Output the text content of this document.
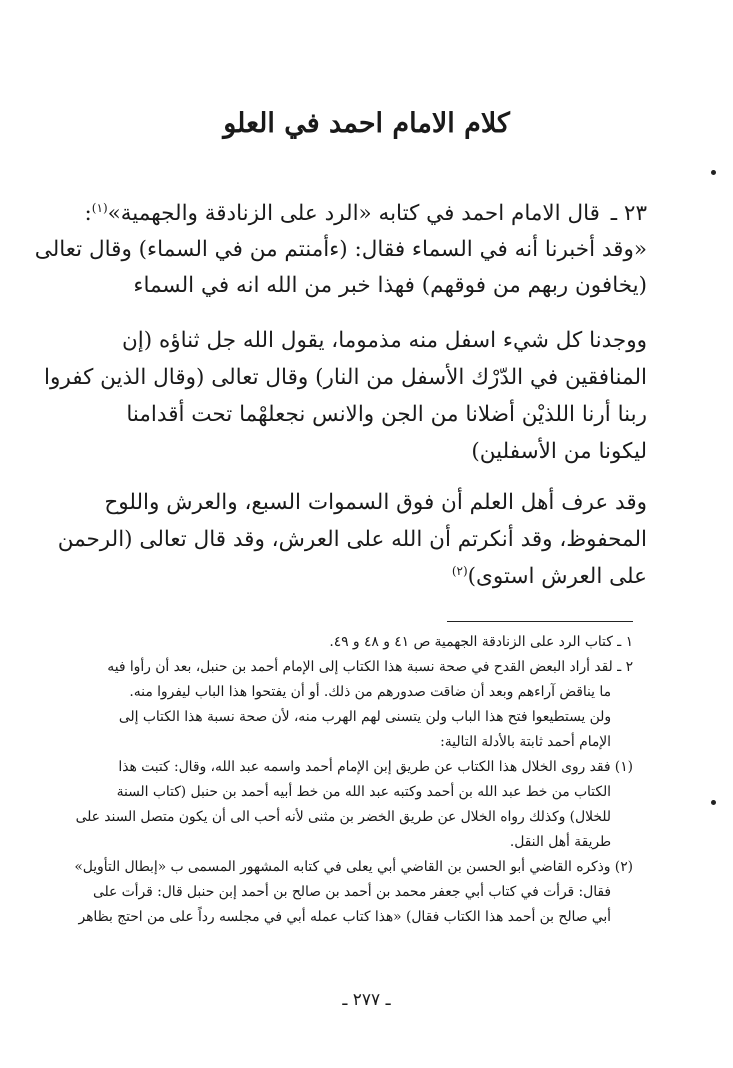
كلام الامام احمد في العلو

٢٣ ـ قال الامام احمد في كتابه «الرد على الزنادقة والجهمية»$^{(١)}$:
«وقد أخبرنا أنه في السماء فقال: (ءأمنتم من في السماء) وقال تعالى
(يخافون ربهم من فوقهم) فهذا خبر من الله انه في السماء

ووجدنا كل شيء اسفل منه مذموما، يقول الله جل ثناؤه (إن
المنافقين في الدّرْك الأسفل من النار) وقال تعالى (وقال الذين كفروا
ربنا أرنا اللذيْن أضلانا من الجن والانس نجعلهْما تحت أقدامنا
ليكونا من الأسفلين)

وقد عرف أهل العلم أن فوق السموات السبع، والعرش واللوح
المحفوظ، وقد أنكرتم أن الله على العرش، وقد قال تعالى (الرحمن
على العرش استوى)$^{(٢)}$

١ ـ كتاب الرد على الزنادقة الجهمية ص ٤١ و ٤٨ و ٤٩.
٢ ـ لقد أراد البعض القدح في صحة نسبة هذا الكتاب إلى الإمام أحمد بن حنبل، بعد أن رأوا فيه
ما يناقض آراءهم وبعد أن ضاقت صدورهم من ذلك. أو أن يفتحوا هذا الباب ليفروا منه.
ولن يستطيعوا فتح هذا الباب ولن يتسنى لهم الهرب منه، لأن صحة نسبة هذا الكتاب إلى
الإمام أحمد ثابتة بالأدلة التالية:
(١) فقد روى الخلال هذا الكتاب عن طريق إبن الإمام أحمد واسمه عبد الله، وقال: كتبت هذا
الكتاب من خط عبد الله بن أحمد وكتبه عبد الله من خط أبيه أحمد بن حنبل (كتاب السنة
للخلال) وكذلك رواه الخلال عن طريق الخضر بن مثنى لأنه أحب الى أن يكون متصل السند على
طريقة أهل النقل.
(٢) وذكره القاضي أبو الحسن بن القاضي أبي يعلى في كتابه المشهور المسمى ب «إبطال التأويل»
فقال: قرأت في كتاب أبي جعفر محمد بن أحمد بن صالح بن أحمد إبن حنبل قال: قرأت على
أبي صالح بن أحمد هذا الكتاب فقال) «هذا كتاب عمله أبي في مجلسه رداً على من احتج بظاهر

ـ ٢٧٧ ـ
